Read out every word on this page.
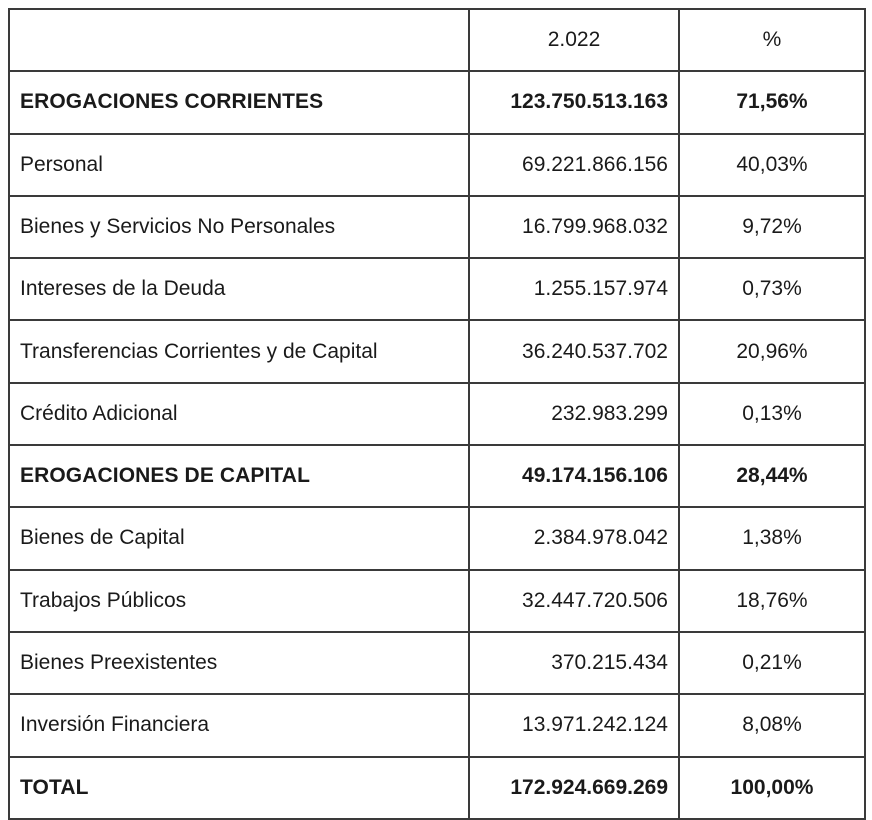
	2.022	%
EROGACIONES CORRIENTES	123.750.513.163	71,56%
Personal	69.221.866.156	40,03%
Bienes y Servicios No Personales	16.799.968.032	9,72%
Intereses de la Deuda	1.255.157.974	0,73%
Transferencias Corrientes y de Capital	36.240.537.702	20,96%
Crédito Adicional	232.983.299	0,13%
EROGACIONES DE CAPITAL	49.174.156.106	28,44%
Bienes de Capital	2.384.978.042	1,38%
Trabajos Públicos	32.447.720.506	18,76%
Bienes Preexistentes	370.215.434	0,21%
Inversión Financiera	13.971.242.124	8,08%
TOTAL	172.924.669.269	100,00%
